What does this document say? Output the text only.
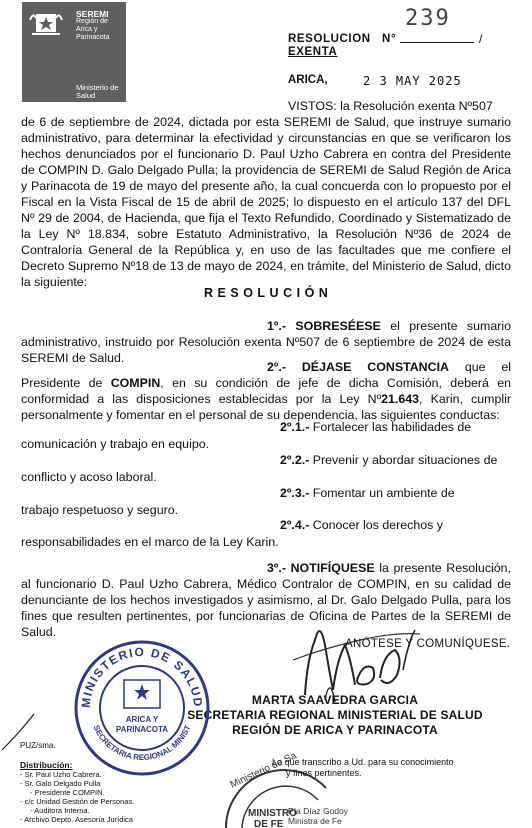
SEREMI
Región de Arica y Parinacota
Ministerio de Salud
RESOLUCION   N°
EXENTA
239
/
ARICA,	2 3 MAY 2025
VISTOS: la Resolución exenta Nº507
de 6 de septiembre de 2024, dictada por esta SEREMI de Salud, que instruye sumario administrativo, para determinar la efectividad y circunstancias en que se verificaron los hechos denunciados por el funcionario D. Paul Uzho Cabrera en contra del Presidente de COMPIN D. Galo Delgado Pulla; la providencia de SEREMI de Salud Región de Arica y Parinacota de 19 de mayo del presente año, la cual concuerda con lo propuesto por el Fiscal en la Vista Fiscal de 15 de abril de 2025; lo dispuesto en el artículo 137 del DFL Nº 29 de 2004, de Hacienda, que fija el Texto Refundido, Coordinado y Sistematizado de la Ley Nº 18.834, sobre Estatuto Administrativo, la Resolución Nº36 de 2024 de Contraloría General de la República y, en uso de las facultades que me confiere el Decreto Supremo Nº18 de 13 de mayo de 2024, en trámite, del Ministerio de Salud, dicto la siguiente:
RESOLUCIÓN
1º.- SOBRESÉESE el presente sumario administrativo, instruido por Resolución exenta Nº507 de 6 septiembre de 2024 de esta SEREMI de Salud.
2º.- DÉJASE CONSTANCIA que el Presidente de COMPIN, en su condición de jefe de dicha Comisión, deberá en conformidad a las disposiciones establecidas por la Ley Nº21.643, Karin, cumplir personalmente y fomentar en el personal de su dependencia, las siguientes conductas:
2º.1.- Fortalecer las habilidades de
comunicación y trabajo en equipo.
2º.2.- Prevenir y abordar situaciones de
conflicto y acoso laboral.
2º.3.- Fomentar un ambiente de
trabajo respetuoso y seguro.
2º.4.- Conocer los derechos y
responsabilidades en el marco de la Ley Karin.
3º.- NOTIFÍQUESE la presente Resolución, al funcionario D. Paul Uzho Cabrera, Médico Contralor de COMPIN, en su calidad de denunciante de los hechos investigados y asimismo, al Dr. Galo Delgado Pulla, para los fines que resulten pertinentes, por funcionarias de Oficina de Partes de la SEREMI de Salud.
ANÓTESE Y COMUNÍQUESE.
MARTA SAAVEDRA GARCIA
SECRETARIA REGIONAL MINISTERIAL DE SALUD
REGIÓN DE ARICA Y PARINACOTA
MINISTERIO DE SALUD
SECRETARIA REGIONAL MINIST
ARICA Y
PARINACOTA
Ministerio de Sa
MINISTRO
DE FE
Lo que transcribo a Ud. para su conocimiento
y fines pertinentes.
Pía Díaz Godoy
Ministra de Fe
PUZ/sma.
Distribución:
- Sr. Paul Uzho Cabrera.
- Sr. Galo Delgado Pulla
- Presidente COMPIN.
- c/c Unidad Gestión de Personas.
- Auditora Interna.
- Archivo Depto. Asesoría Jurídica
